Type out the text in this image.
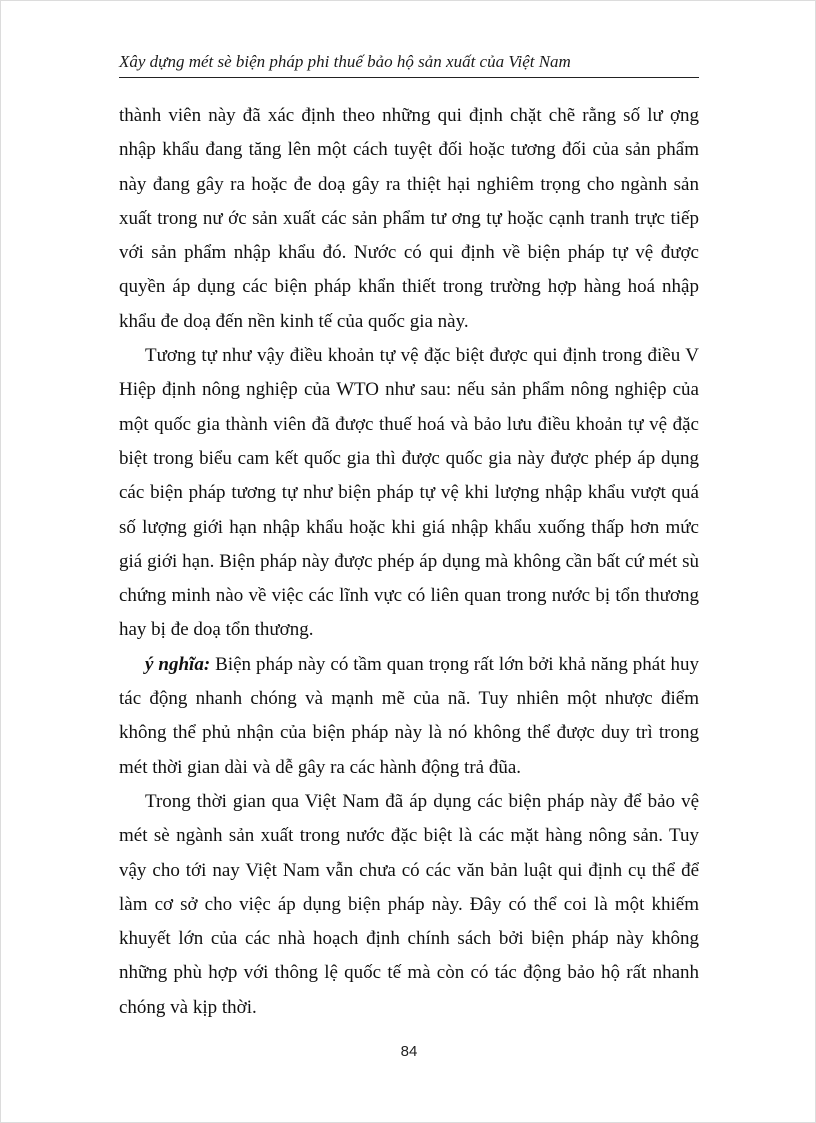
Xây dựng mét sè biện pháp phi thuế bảo hộ sản xuất của Việt Nam

thành viên này đã xác định theo những qui định chặt chẽ rằng số lư ợng nhập khẩu đang tăng lên một cách tuyệt đối hoặc tương đối của sản phẩm này đang gây ra hoặc đe doạ gây ra thiệt hại nghiêm trọng cho ngành sản xuất trong nư ớc sản xuất các sản phẩm tư ơng tự hoặc cạnh tranh trực tiếp với sản phẩm nhập khẩu đó. Nước có qui định về biện pháp tự vệ được quyền áp dụng các biện pháp khẩn thiết trong trường hợp hàng hoá nhập khẩu đe doạ đến nền kinh tế của quốc gia này.

Tương tự như vậy điều khoản tự vệ đặc biệt được qui định trong điều V Hiệp định nông nghiệp của WTO như sau: nếu sản phẩm nông nghiệp của một quốc gia thành viên đã được thuế hoá và bảo lưu điều khoản tự vệ đặc biệt trong biểu cam kết quốc gia thì được quốc gia này được phép áp dụng các biện pháp tương tự như biện pháp tự vệ khi lượng nhập khẩu vượt quá số lượng giới hạn nhập khẩu hoặc khi giá nhập khẩu xuống thấp hơn mức giá giới hạn. Biện pháp này được phép áp dụng mà không cần bất cứ mét sù chứng minh nào về việc các lĩnh vực có liên quan trong nước bị tổn thương hay bị đe doạ tổn thương.

ý nghĩa: Biện pháp này có tầm quan trọng rất lớn bởi khả năng phát huy tác động nhanh chóng và mạnh mẽ của nã. Tuy nhiên một nhược điểm không thể phủ nhận của biện pháp này là nó không thể được duy trì trong mét thời gian dài và dễ gây ra các hành động trả đũa.

Trong thời gian qua Việt Nam đã áp dụng các biện pháp này để bảo vệ mét sè ngành sản xuất trong nước đặc biệt là các mặt hàng nông sản. Tuy vậy cho tới nay Việt Nam vẫn chưa có các văn bản luật qui định cụ thể để làm cơ sở cho việc áp dụng biện pháp này. Đây có thể coi là một khiếm khuyết lớn của các nhà hoạch định chính sách bởi biện pháp này không những phù hợp với thông lệ quốc tế mà còn có tác động bảo hộ rất nhanh chóng và kịp thời.

84
